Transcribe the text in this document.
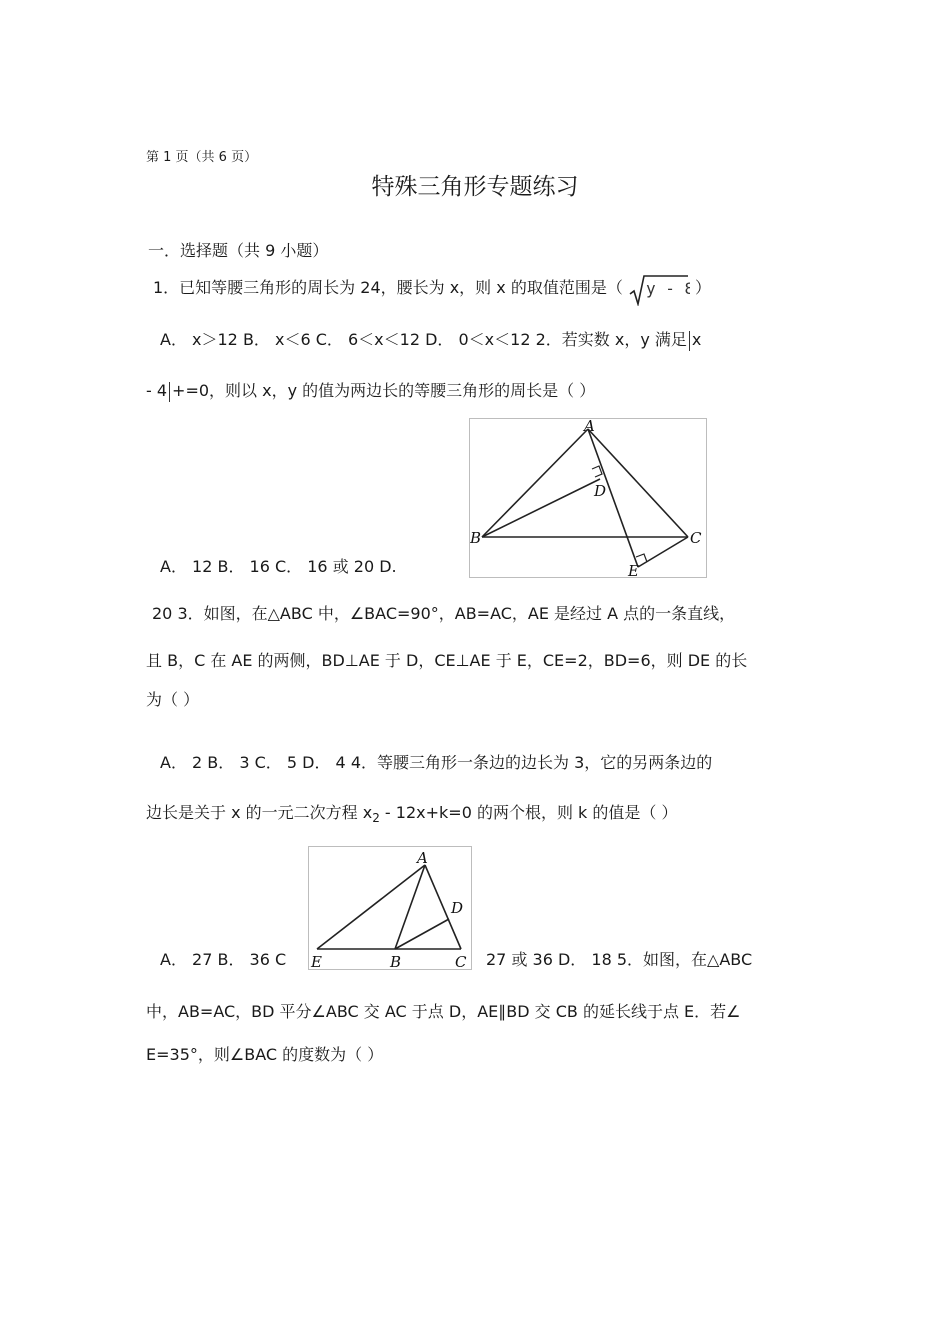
第 1 页（共 6 页）
特殊三角形专题练习
一．选择题（共 9 小题）
1．已知等腰三角形的周长为 24，腰长为 x，则 x 的取值范围是（ y - 8 ）
A． x＞12 B． x＜6 C． 6＜x＜12 D． 0＜x＜12 2．若实数 x，y 满足 x
- 4 +=0，则以 x，y 的值为两边长的等腰三角形的周长是（ ）
A
B	C
D
E
A． 12 B． 16 C． 16 或 20 D.
20 3．如图，在△ABC 中，∠BAC=90°，AB=AC，AE 是经过 A 点的一条直线，
且 B，C 在 AE 的两侧，BD⊥AE 于 D，CE⊥AE 于 E，CE=2，BD=6，则 DE 的长
为（ ）
A． 2 B． 3 C． 5 D． 4 4．等腰三角形一条边的边长为 3，它的另两条边的
边长是关于 x 的一元二次方程 $x_2 - 12x+k=0$ 的两个根，则 k 的值是（ ）
A
B	C
D
E
A． 27 B． 36 C	27 或 36 D． 18 5．如图，在△ABC
中，AB=AC，BD 平分∠ABC 交 AC 于点 D，AE∥BD 交 CB 的延长线于点 E．若∠
E=35°，则∠BAC 的度数为（ ）
